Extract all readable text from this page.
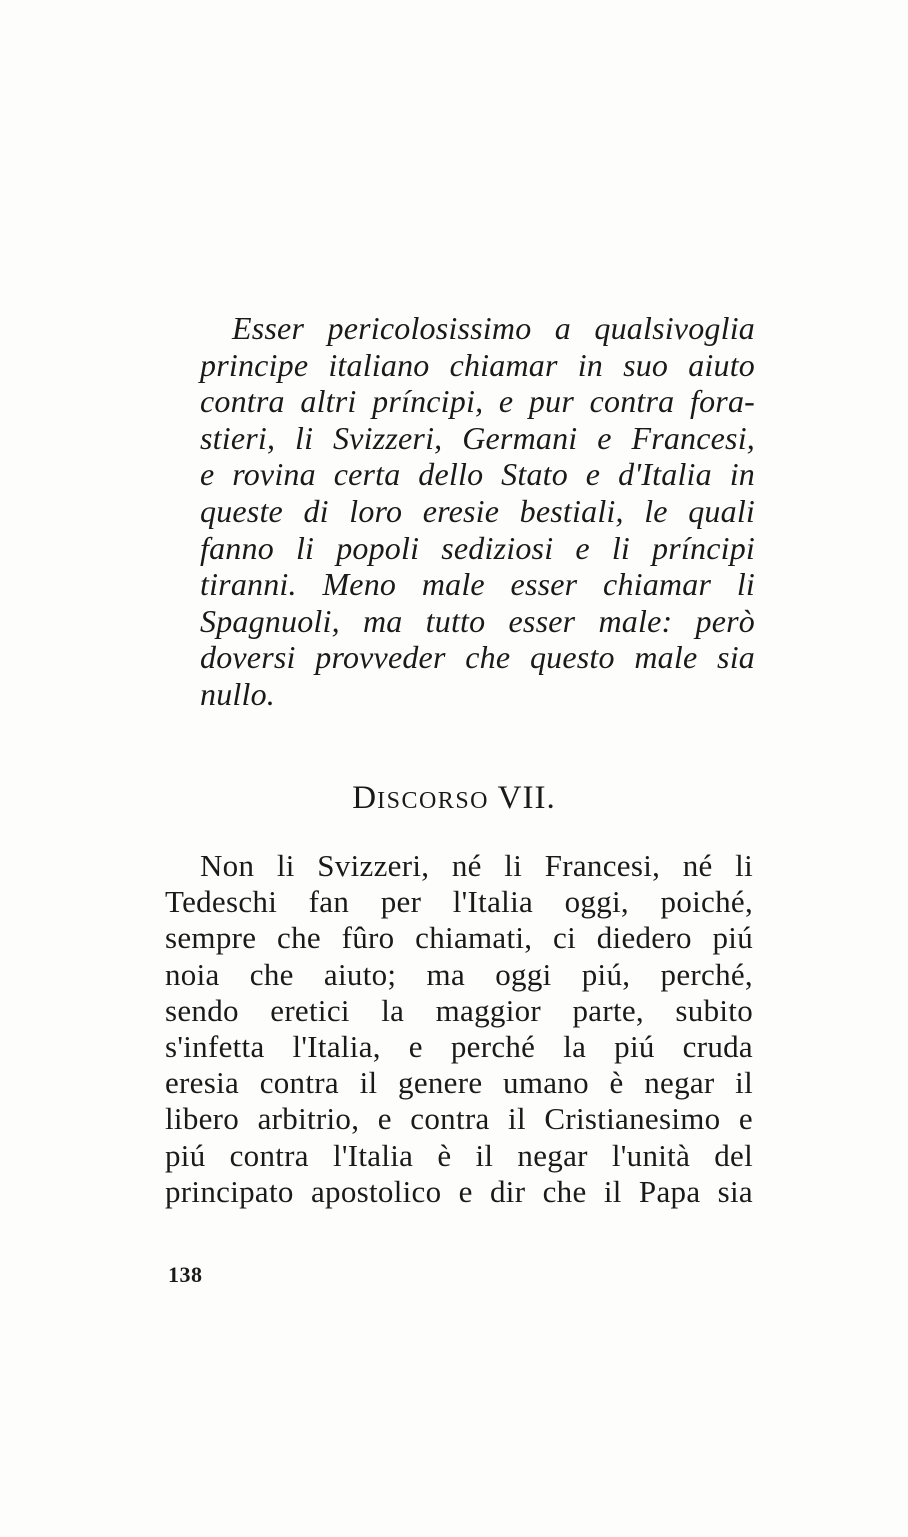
Esser pericolosissimo a qualsivoglia
principe italiano chiamar in suo aiuto
contra altri príncipi, e pur contra fora-
stieri, li Svizzeri, Germani e Francesi,
e rovina certa dello Stato e d'Italia in
queste di loro eresie bestiali, le quali
fanno li popoli sediziosi e li príncipi
tiranni. Meno male esser chiamar li
Spagnuoli, ma tutto esser male: però
doversi provveder che questo male sia
nullo.
DISCORSO VII.
Non li Svizzeri, né li Francesi, né li
Tedeschi fan per l'Italia oggi, poiché,
sempre che fûro chiamati, ci diedero piú
noia che aiuto; ma oggi piú, perché,
sendo eretici la maggior parte, subito
s'infetta l'Italia, e perché la piú cruda
eresia contra il genere umano è negar il
libero arbitrio, e contra il Cristianesimo e
piú contra l'Italia è il negar l'unità del
principato apostolico e dir che il Papa sia

138
